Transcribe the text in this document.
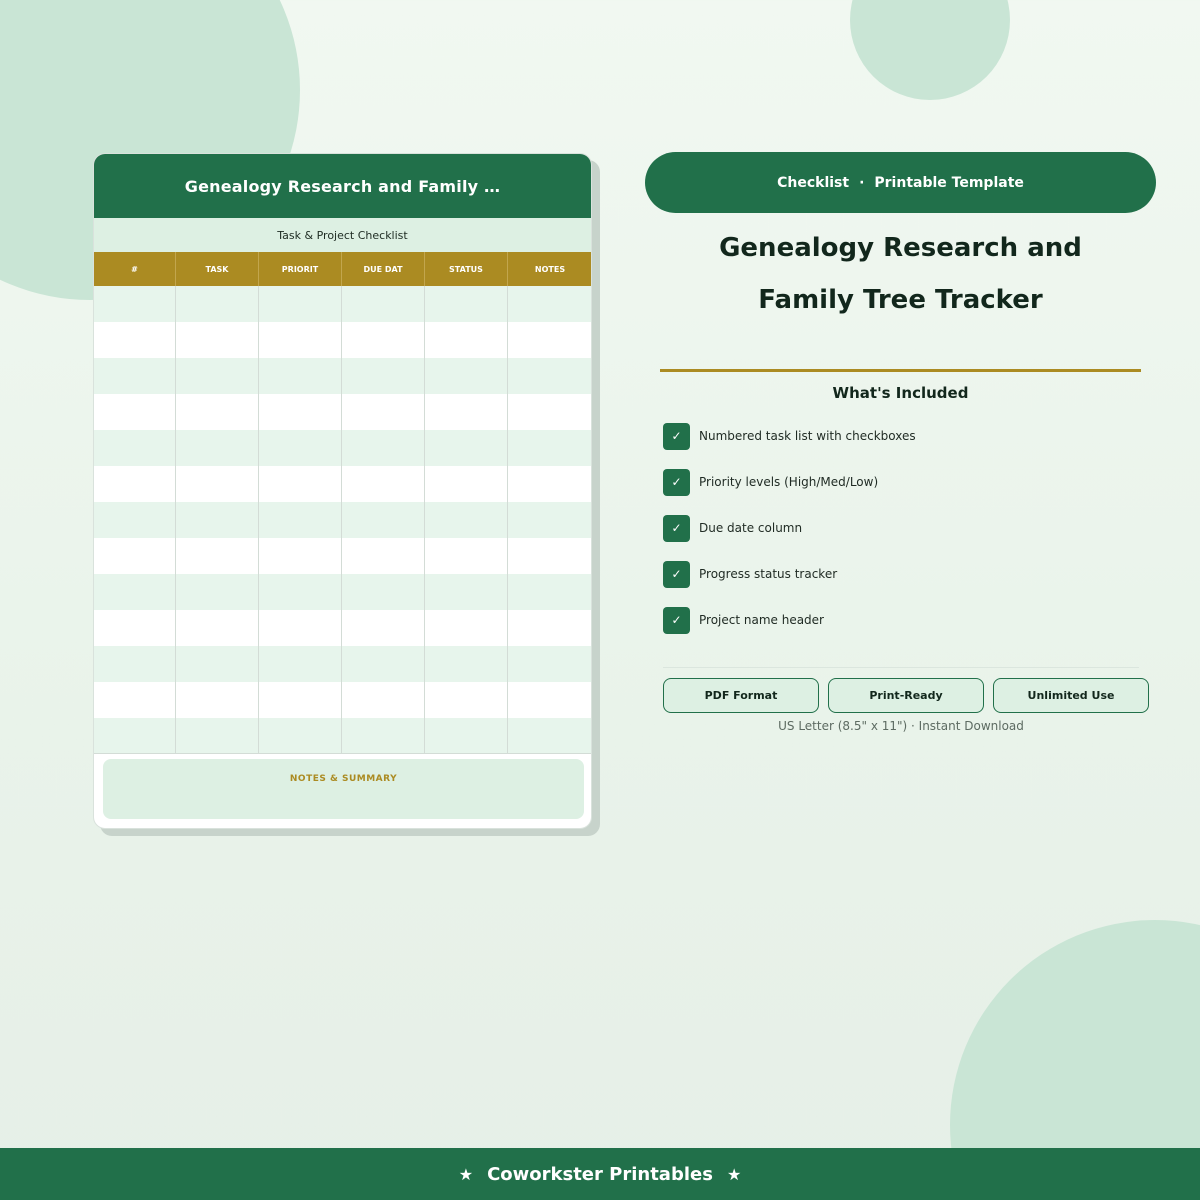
Genealogy Research and Family …
Task & Project Checklist
#	TASK	PRIORIT	DUE DAT	STATUS	NOTES
NOTES & SUMMARY
Checklist · Printable Template
Genealogy Research and
Family Tree Tracker
What's Included
✓	Numbered task list with checkboxes
✓	Priority levels (High/Med/Low)
✓	Due date column
✓	Progress status tracker
✓	Project name header
PDF Format	Print-Ready	Unlimited Use
US Letter (8.5" x 11") · Instant Download
★ Coworkster Printables ★
